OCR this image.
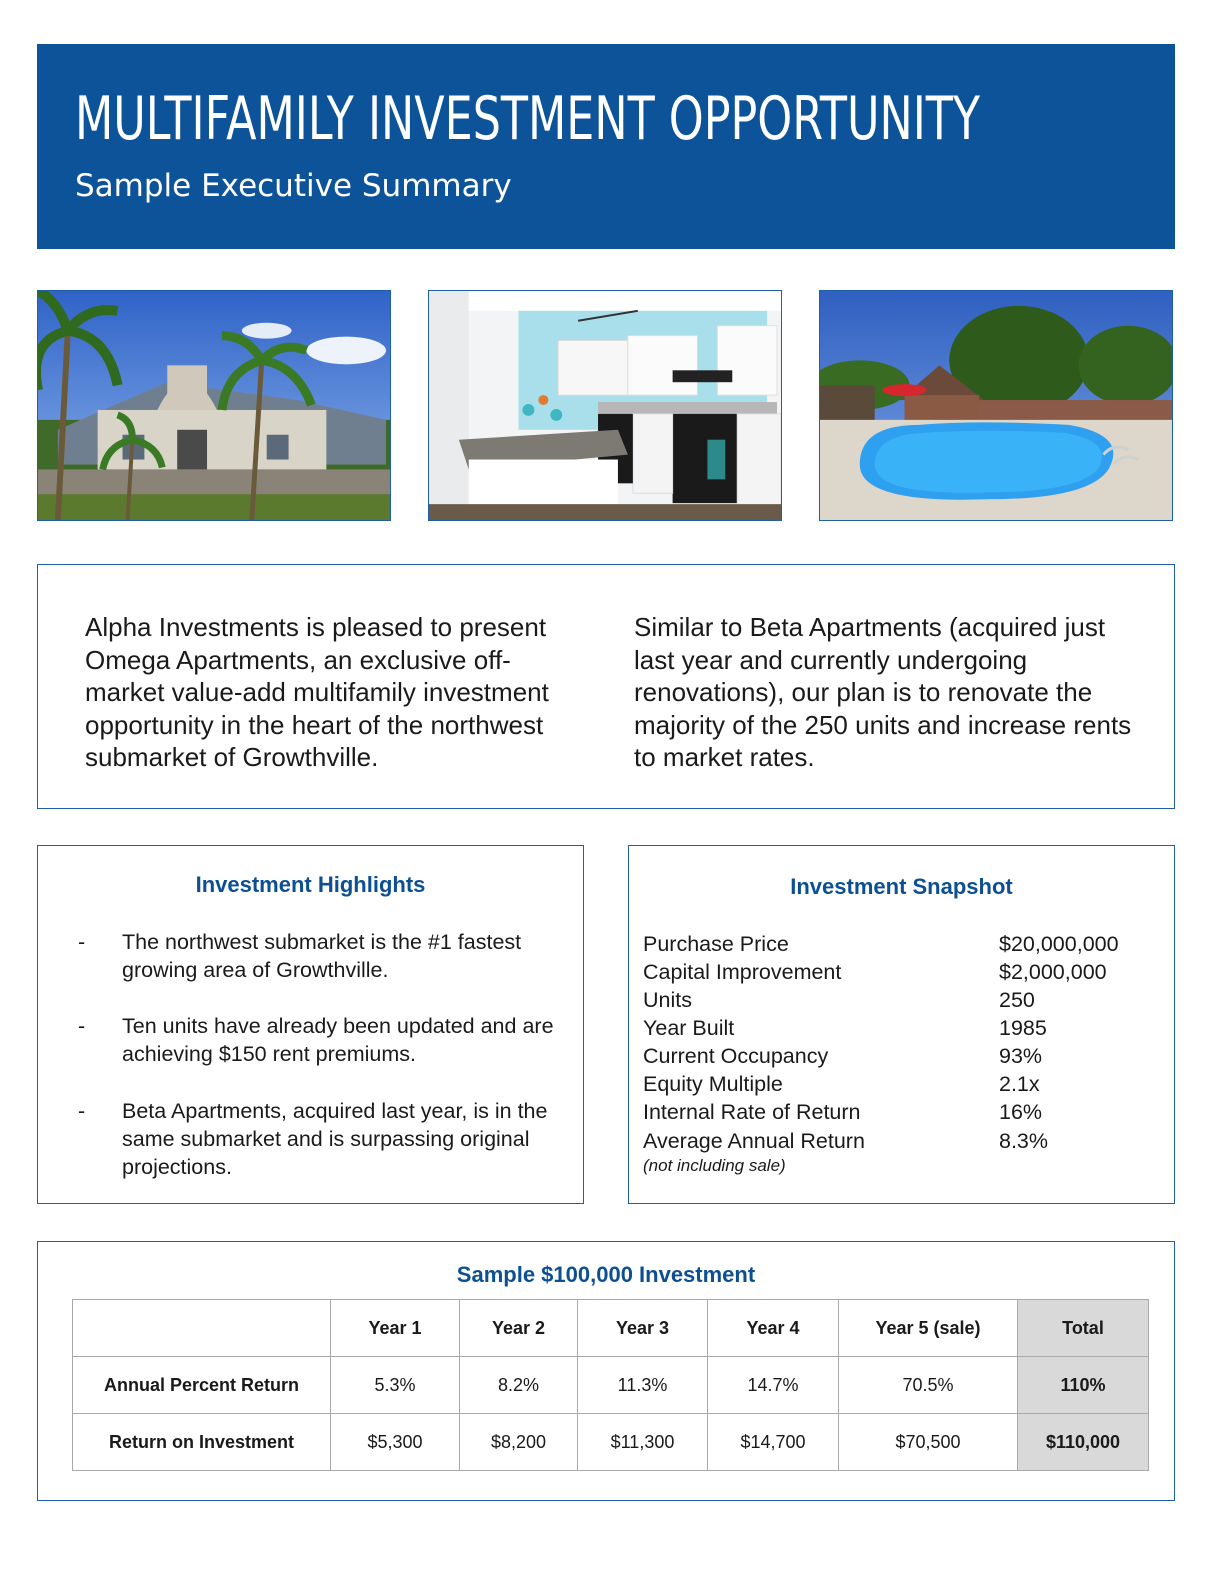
MULTIFAMILY INVESTMENT OPPORTUNITY
Sample Executive Summary

Alpha Investments is pleased to present Omega Apartments, an exclusive off-market value-add multifamily investment opportunity in the heart of the northwest submarket of Growthville.

Similar to Beta Apartments (acquired just last year and currently undergoing renovations), our plan is to renovate the majority of the 250 units and increase rents to market rates.

Investment Highlights
- The northwest submarket is the #1 fastest growing area of Growthville.
- Ten units have already been updated and are achieving $150 rent premiums.
- Beta Apartments, acquired last year, is in the same submarket and is surpassing original projections.
Investment Snapshot
Purchase Price	$20,000,000
Capital Improvement	$2,000,000
Units	250
Year Built	1985
Current Occupancy	93%
Equity Multiple	2.1x
Internal Rate of Return	16%
Average Annual Return	8.3%
(not including sale)
Sample $100,000 Investment
	Year 1	Year 2	Year 3	Year 4	Year 5 (sale)	Total
Annual Percent Return	5.3%	8.2%	11.3%	14.7%	70.5%	110%
Return on Investment	$5,300	$8,200	$11,300	$14,700	$70,500	$110,000
